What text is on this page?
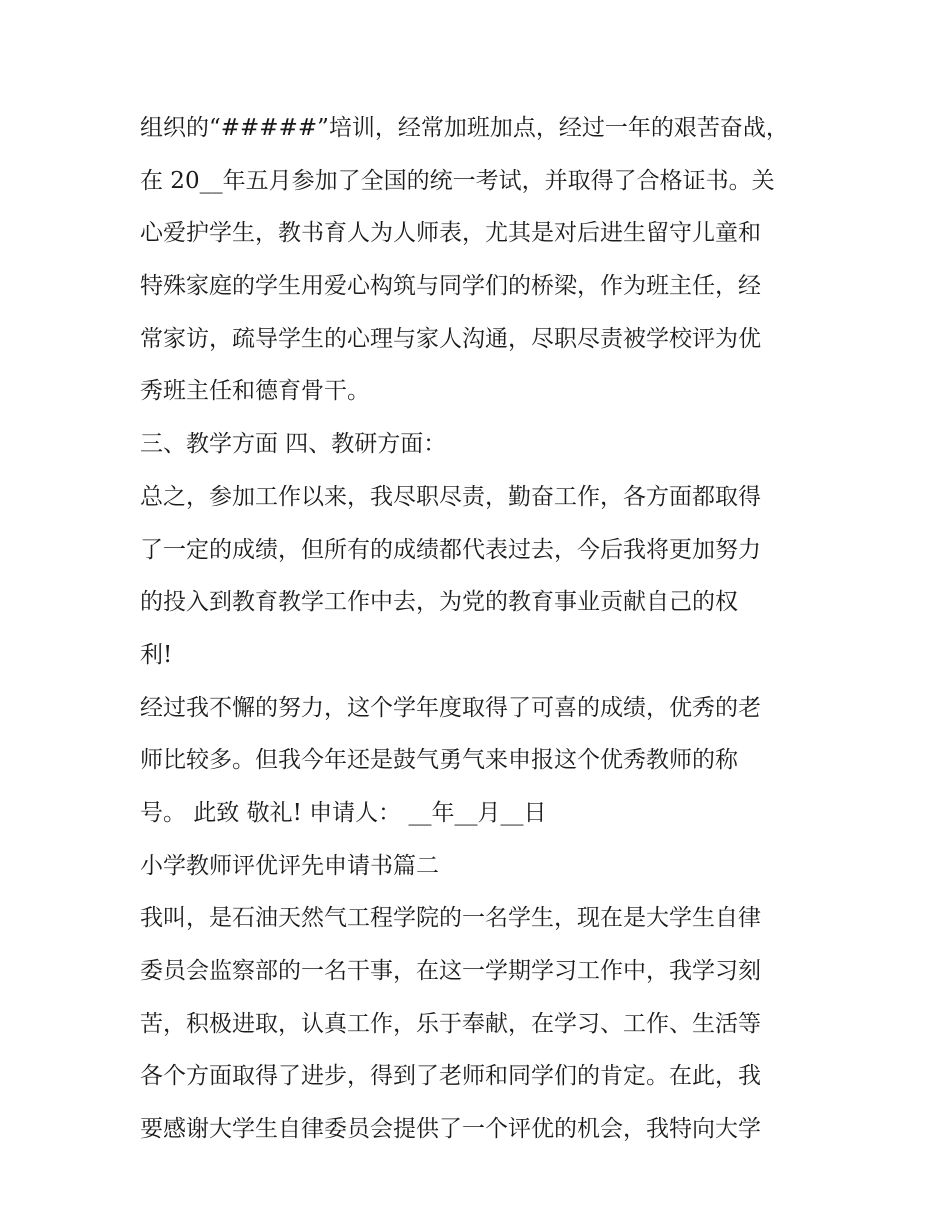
组织的“#####”培训，经常加班加点，经过一年的艰苦奋战，
在 20__年五月参加了全国的统一考试，并取得了合格证书。关
心爱护学生，教书育人为人师表，尤其是对后进生留守儿童和
特殊家庭的学生用爱心构筑与同学们的桥梁，作为班主任，经
常家访，疏导学生的心理与家人沟通，尽职尽责被学校评为优
秀班主任和德育骨干。
三、教学方面 四、教研方面：
总之，参加工作以来，我尽职尽责，勤奋工作，各方面都取得
了一定的成绩，但所有的成绩都代表过去，今后我将更加努力
的投入到教育教学工作中去，为党的教育事业贡献自己的权
利!
经过我不懈的努力，这个学年度取得了可喜的成绩，优秀的老
师比较多。但我今年还是鼓气勇气来申报这个优秀教师的称
号。 此致 敬礼! 申请人： __年__月__日
小学教师评优评先申请书篇二
我叫，是石油天然气工程学院的一名学生，现在是大学生自律
委员会监察部的一名干事，在这一学期学习工作中，我学习刻
苦，积极进取，认真工作，乐于奉献，在学习、工作、生活等
各个方面取得了进步，得到了老师和同学们的肯定。在此，我
要感谢大学生自律委员会提供了一个评优的机会，我特向大学
